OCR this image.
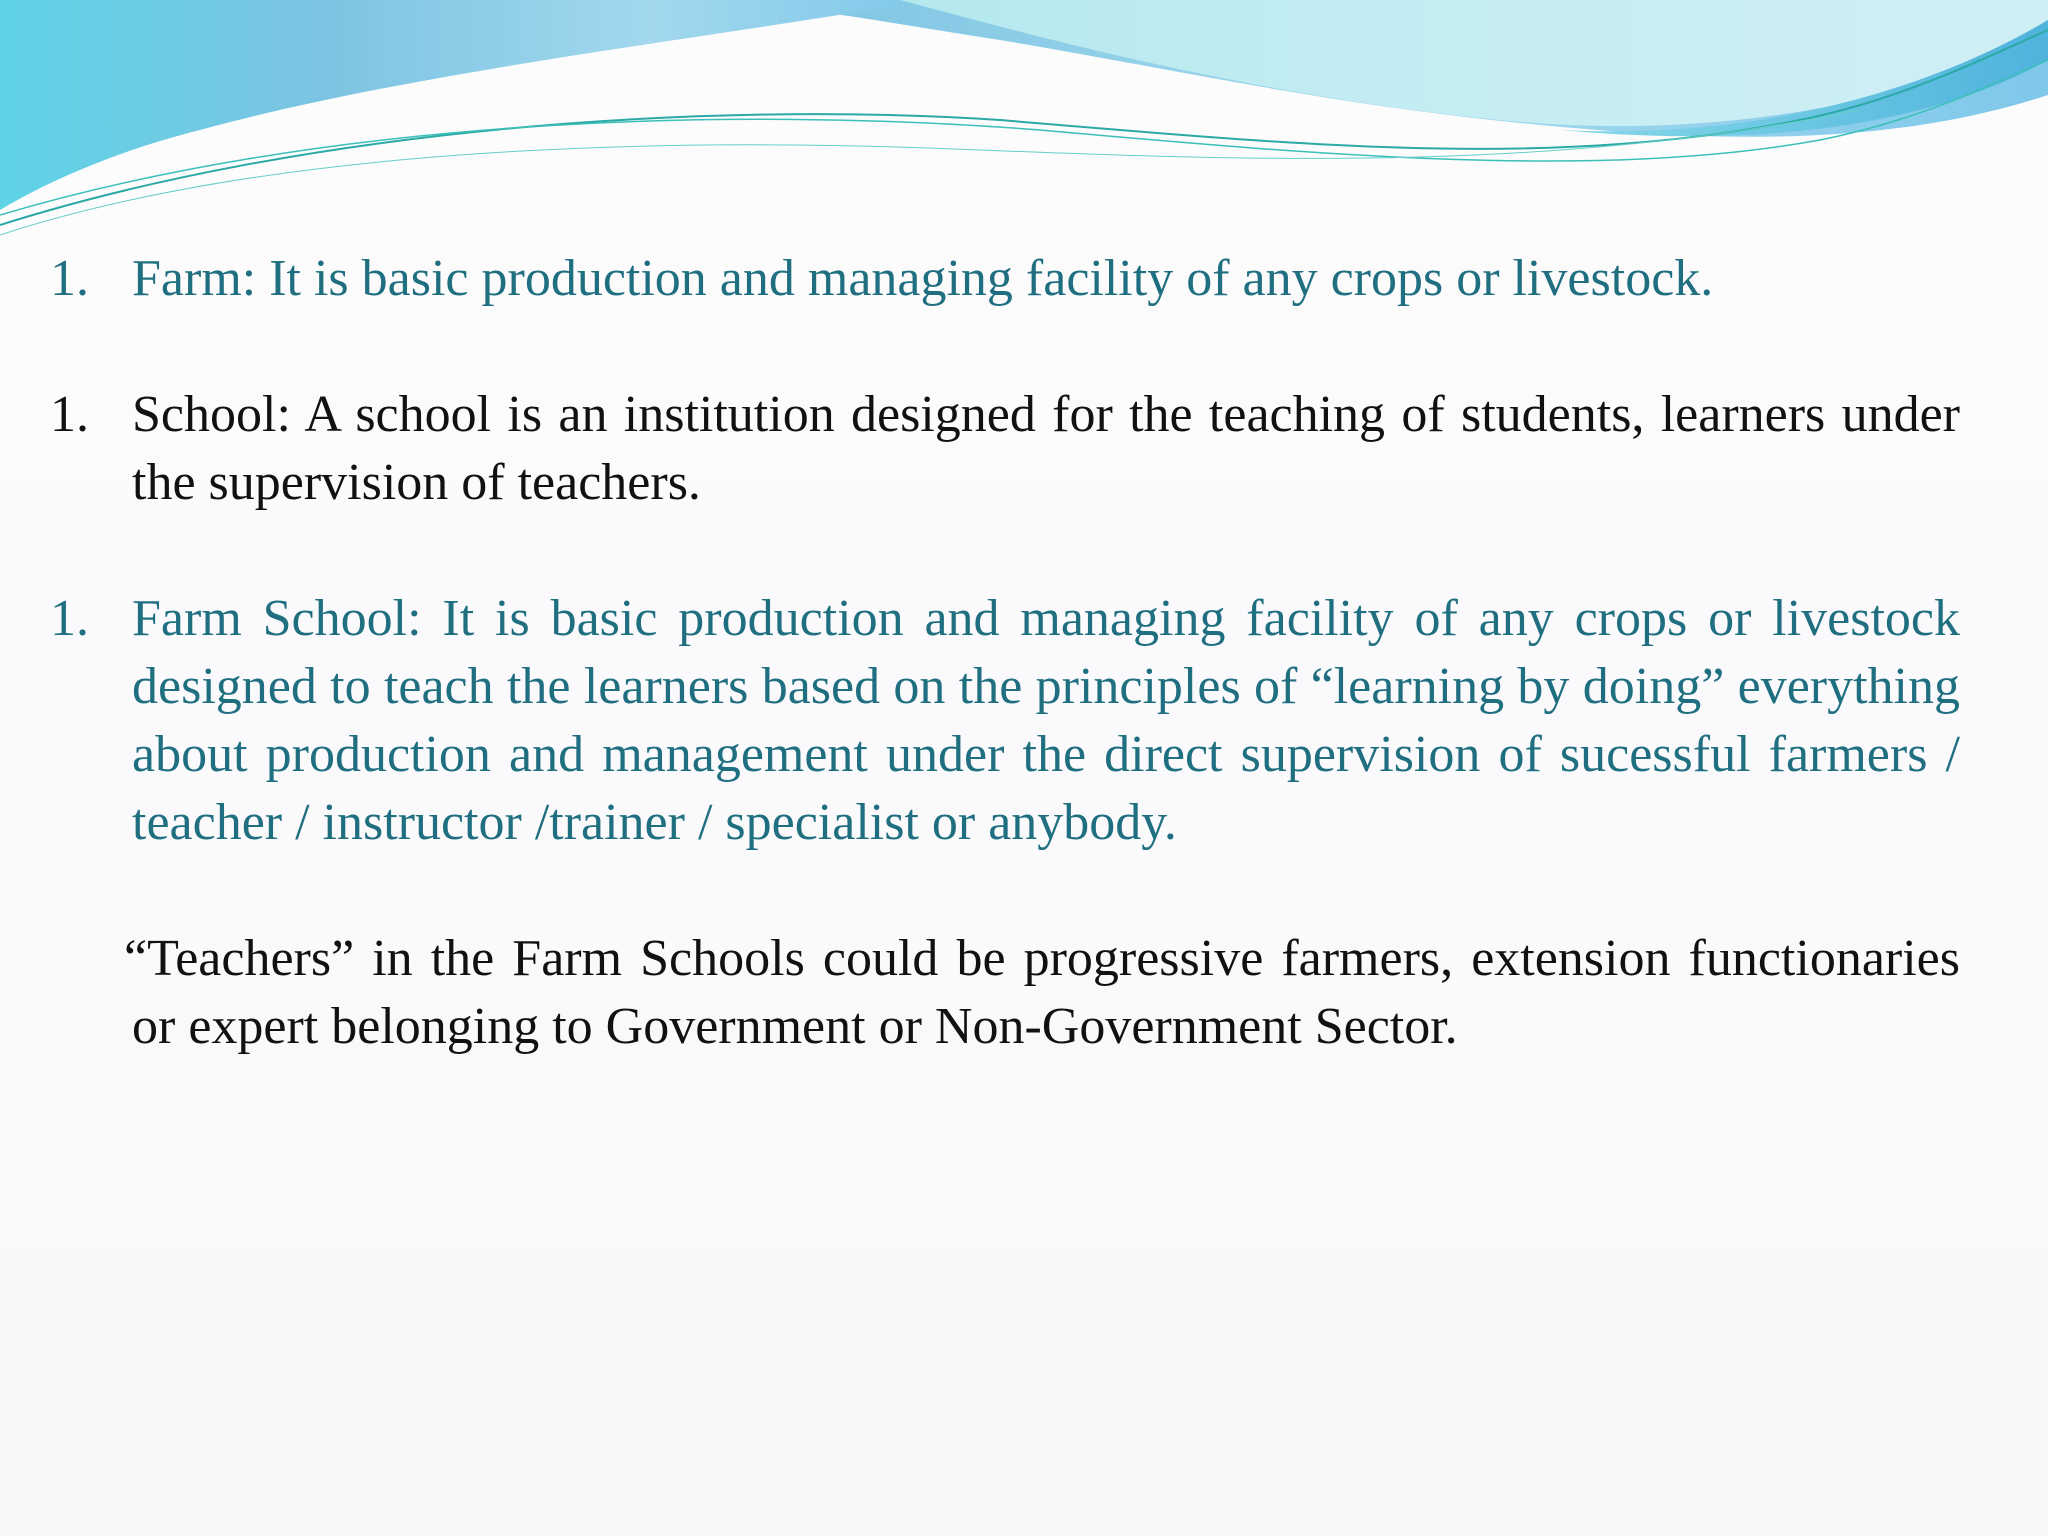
1. Farm: It is basic production and managing facility of any crops or livestock.
1. School: A school is an institution designed for the teaching of students, learners under the supervision of teachers.
1. Farm School: It is basic production and managing facility of any crops or livestock designed to teach the learners based on the principles of “learning by doing” everything about production and management under the direct supervision of sucessful farmers / teacher / instructor /trainer / specialist or anybody.

“Teachers” in the Farm Schools could be progressive farmers, extension functionaries or expert belonging to Government or Non-Government Sector.
